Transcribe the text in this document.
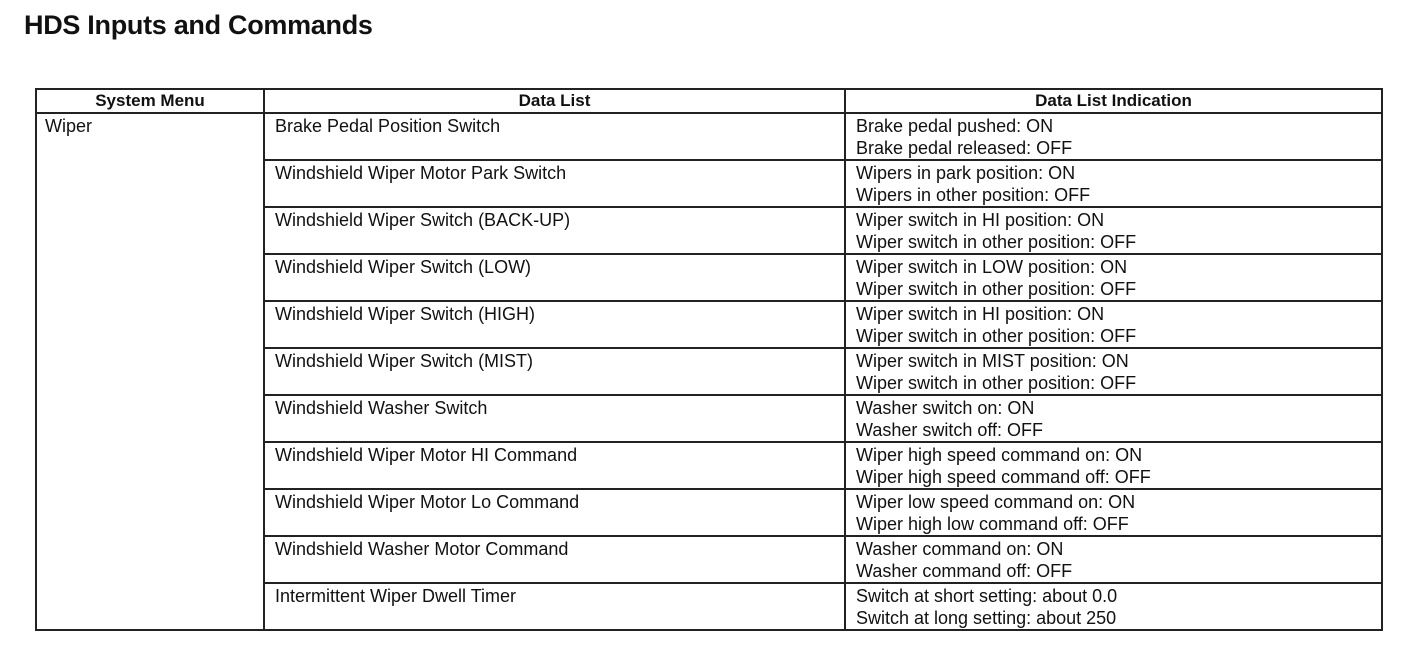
HDS Inputs and Commands
System Menu	Data List	Data List Indication
Wiper	Brake Pedal Position Switch	Brake pedal pushed: ON
Brake pedal released: OFF

	Windshield Wiper Motor Park Switch	Wipers in park position: ON
Wipers in other position: OFF

	Windshield Wiper Switch (BACK-UP)	Wiper switch in HI position: ON
Wiper switch in other position: OFF

	Windshield Wiper Switch (LOW)	Wiper switch in LOW position: ON
Wiper switch in other position: OFF

	Windshield Wiper Switch (HIGH)	Wiper switch in HI position: ON
Wiper switch in other position: OFF

	Windshield Wiper Switch (MIST)	Wiper switch in MIST position: ON
Wiper switch in other position: OFF

	Windshield Washer Switch	Washer switch on: ON
Washer switch off: OFF

	Windshield Wiper Motor HI Command	Wiper high speed command on: ON
Wiper high speed command off: OFF

	Windshield Wiper Motor Lo Command	Wiper low speed command on: ON
Wiper high low command off: OFF

	Windshield Washer Motor Command	Washer command on: ON
Washer command off: OFF

	Intermittent Wiper Dwell Timer	Switch at short setting: about 0.0
Switch at long setting: about 250
